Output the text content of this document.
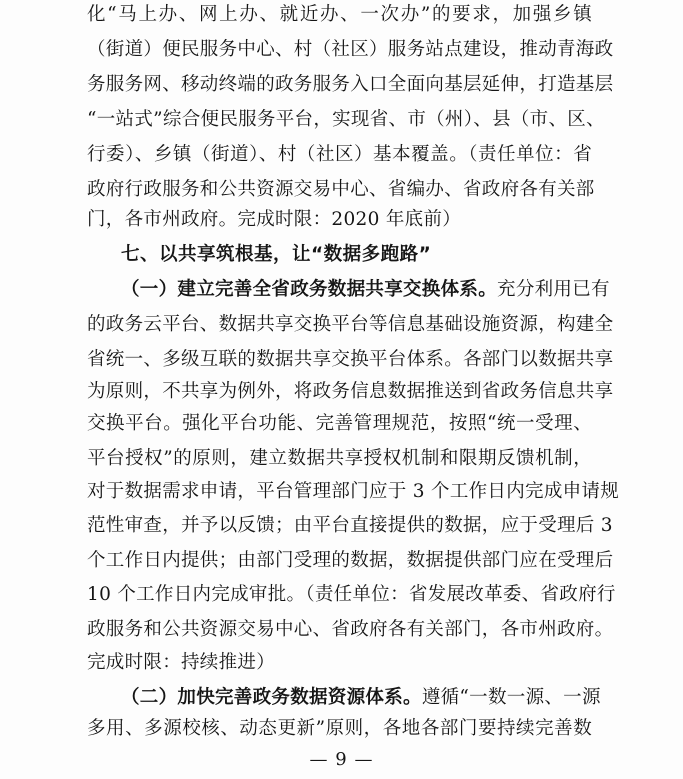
化“马上办、网上办、就近办、一次办”的要求，加强乡镇
（街道）便民服务中心、村（社区）服务站点建设，推动青海政
务服务网、移动终端的政务服务入口全面向基层延伸，打造基层
“一站式”综合便民服务平台，实现省、市（州）、县（市、区、
行委）、乡镇（街道）、村（社区）基本覆盖。（责任单位：省
政府行政服务和公共资源交易中心、省编办、省政府各有关部
门，各市州政府。完成时限：2020 年底前）
七、以共享筑根基，让“数据多跑路”
（一）建立完善全省政务数据共享交换体系。充分利用已有
的政务云平台、数据共享交换平台等信息基础设施资源，构建全
省统一、多级互联的数据共享交换平台体系。各部门以数据共享
为原则，不共享为例外，将政务信息数据推送到省政务信息共享
交换平台。强化平台功能、完善管理规范，按照“统一受理、
平台授权”的原则，建立数据共享授权机制和限期反馈机制，
对于数据需求申请，平台管理部门应于 3 个工作日内完成申请规
范性审查，并予以反馈；由平台直接提供的数据，应于受理后 3
个工作日内提供；由部门受理的数据，数据提供部门应在受理后
10 个工作日内完成审批。（责任单位：省发展改革委、省政府行
政服务和公共资源交易中心、省政府各有关部门，各市州政府。
完成时限：持续推进）
（二）加快完善政务数据资源体系。遵循“一数一源、一源
多用、多源校核、动态更新”原则，各地各部门要持续完善数
— 9 —
